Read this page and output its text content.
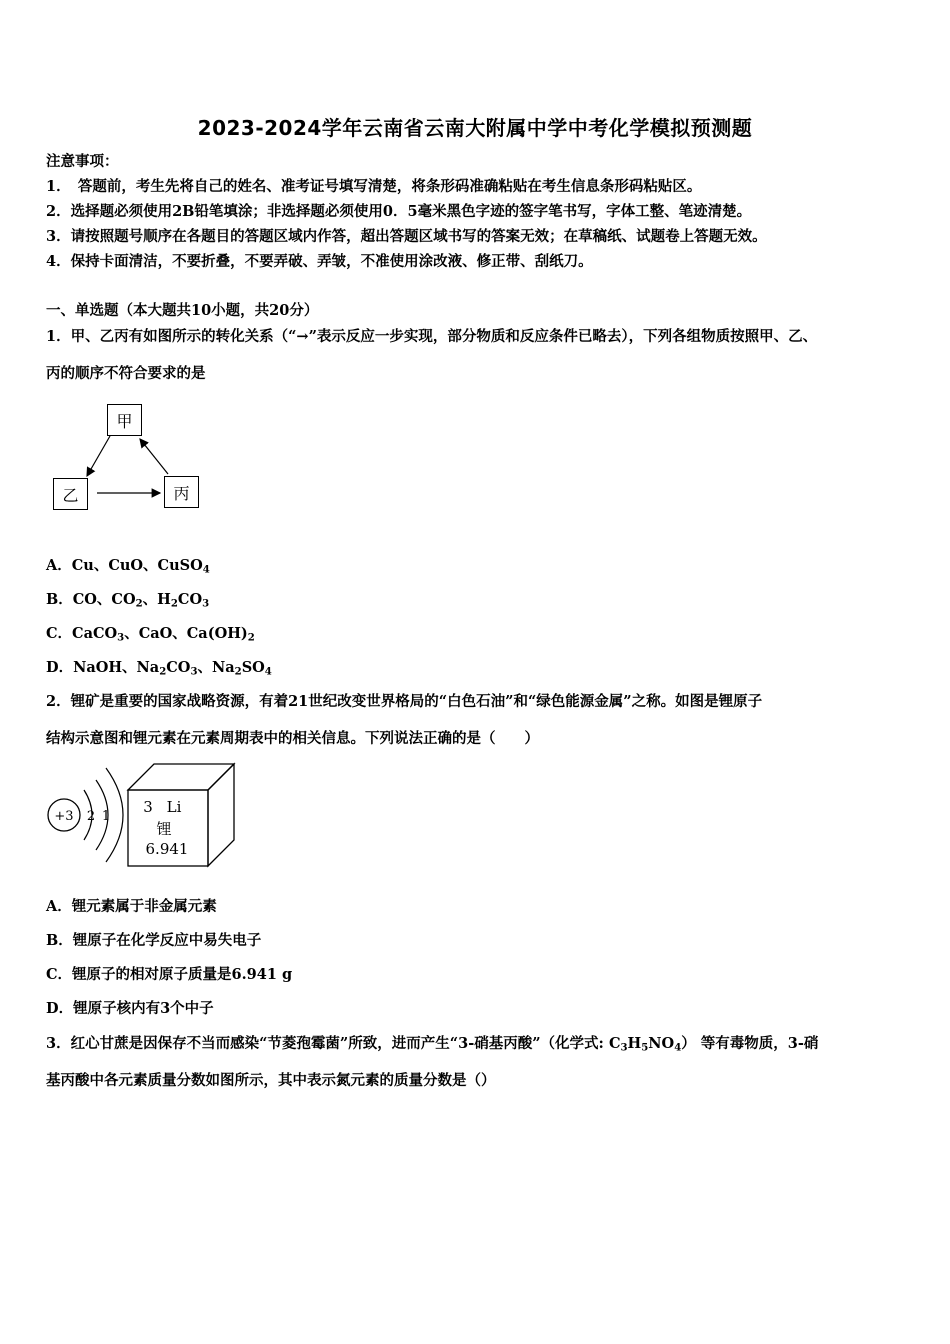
2023-2024学年云南省云南大附属中学中考化学模拟预测题
注意事项：
1．　答题前，考生先将自己的姓名、准考证号填写清楚，将条形码准确粘贴在考生信息条形码粘贴区。
2．选择题必须使用2B铅笔填涂；非选择题必须使用0．5毫米黑色字迹的签字笔书写，字体工整、笔迹清楚。
3．请按照题号顺序在各题目的答题区域内作答，超出答题区域书写的答案无效；在草稿纸、试题卷上答题无效。
4．保持卡面清洁，不要折叠，不要弄破、弄皱，不准使用涂改液、修正带、刮纸刀。
一、单选题（本大题共10小题，共20分）
1．甲、乙丙有如图所示的转化关系（“→”表示反应一步实现，部分物质和反应条件已略去），下列各组物质按照甲、乙、
丙的顺序不符合要求的是
甲
乙	丙
A．Cu、CuO、CuSO$_4$
B．CO、$CO_2$、$H_2CO_3$
C．CaCO$_3$、CaO、$Ca(OH)_2$
D．NaOH、$Na_2CO_3$、$Na_2SO_4$
2．锂矿是重要的国家战略资源，有着21世纪改变世界格局的“白色石油”和“绿色能源金属”之称。如图是锂原子
结构示意图和锂元素在元素周期表中的相关信息。下列说法正确的是（　　）
+3 2 1
3 Li
锂
6.941
A．锂元素属于非金属元素
B．锂原子在化学反应中易失电子
C．锂原子的相对原子质量是6.941 g
D．锂原子核内有3个中子
3．红心甘蔗是因保存不当而感染“节菱孢霉菌”所致，进而产生“3-硝基丙酸”（化学式: $C_3H_5NO_4$） 等有毒物质，3-硝
基丙酸中各元素质量分数如图所示，其中表示氮元素的质量分数是（）
